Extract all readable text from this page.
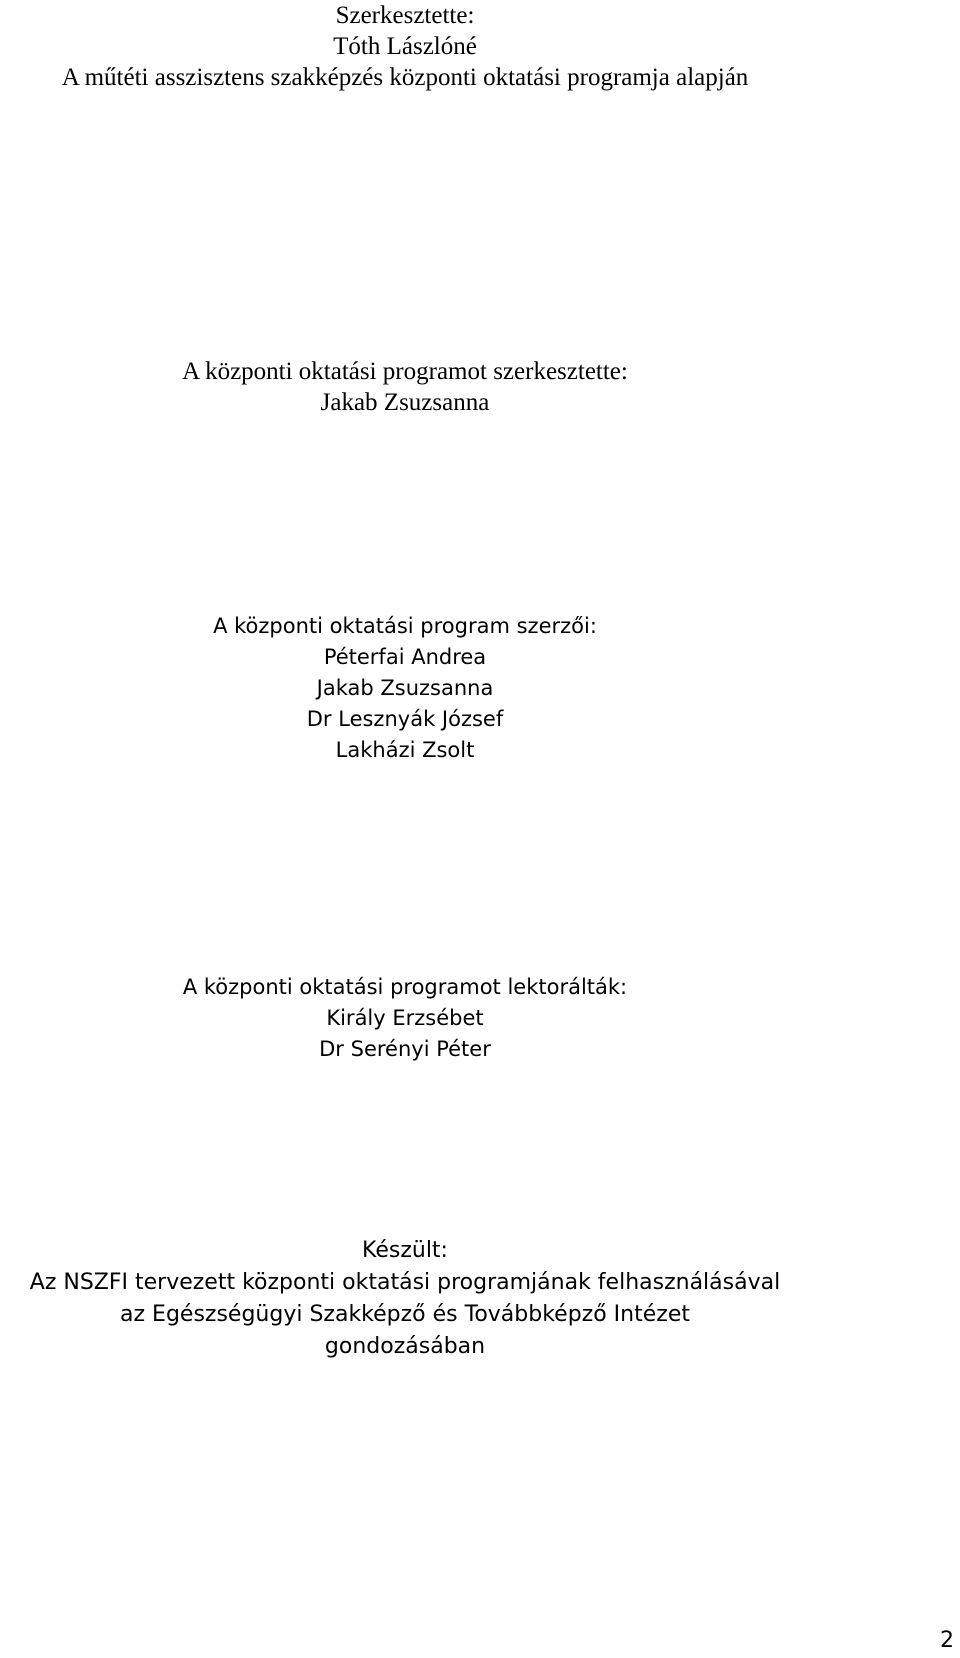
Szerkesztette:
Tóth Lászlóné
A műtéti asszisztens szakképzés központi oktatási programja alapján
A központi oktatási programot szerkesztette:
Jakab Zsuzsanna
A központi oktatási program szerzői:
Péterfai Andrea
Jakab Zsuzsanna
Dr Lesznyák József
Lakházi Zsolt
A központi oktatási programot lektorálták:
Király Erzsébet
Dr Serényi Péter
Készült:
Az NSZFI tervezett központi oktatási programjának felhasználásával
az Egészségügyi Szakképző és Továbbképző Intézet
gondozásában
2
